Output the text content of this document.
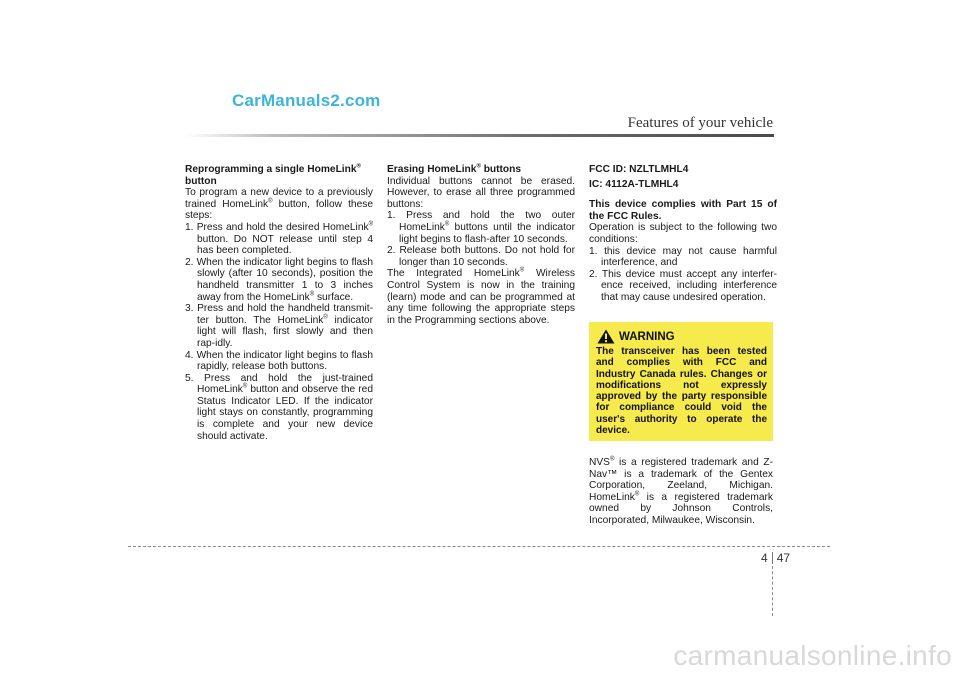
CarManuals2.com
Features of your vehicle

Reprogramming a single HomeLink®
button

To program a new device to a previously trained HomeLink® button, follow these steps:

1. Press and hold the desired HomeLink® button. Do NOT release until step 4 has been completed.

2. When the indicator light begins to flash slowly (after 10 seconds), position the handheld transmitter 1 to 3 inches away from the HomeLink® surface.

3. Press and hold the handheld transmit-ter button. The HomeLink® indicator light will flash, first slowly and then rap-idly.

4. When the indicator light begins to flash rapidly, release both buttons.

5. Press and hold the just-trained HomeLink® button and observe the red Status Indicator LED. If the indicator light stays on constantly, programming is complete and your new device should activate.

Erasing HomeLink® buttons

Individual buttons cannot be erased. However, to erase all three programmed buttons:

1. Press and hold the two outer HomeLink® buttons until the indicator light begins to flash-after 10 seconds.

2. Release both buttons. Do not hold for longer than 10 seconds.

The Integrated HomeLink® Wireless Control System is now in the training (learn) mode and can be programmed at any time following the appropriate steps in the Programming sections above.

FCC ID: NZLTLMHL4

IC: 4112A-TLMHL4

This device complies with Part 15 of the FCC Rules.

Operation is subject to the following two conditions:

1. this device may not cause harmful interference, and

2. This device must accept any interfer-ence received, including interference that may cause undesired operation.

WARNING

The transceiver has been tested and complies with FCC and Industry Canada rules. Changes or modifications not expressly approved by the party responsible for compliance could void the user's authority to operate the device.

NVS® is a registered trademark and Z-Nav™ is a trademark of the Gentex Corporation, Zeeland, Michigan. HomeLink® is a registered trademark owned by Johnson Controls, Incorporated, Milwaukee, Wisconsin.

4 47
carmanualsonline.info
